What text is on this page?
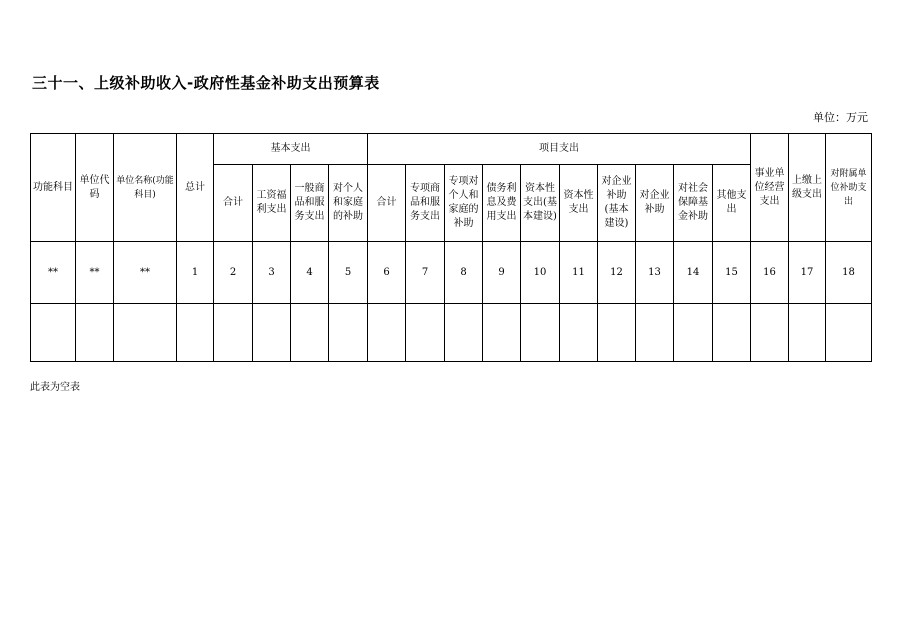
三十一、上级补助收入-政府性基金补助支出预算表
单位：万元
功能科目	单位代码	单位名称(功能科目)	总计	基本支出				项目支出										事业单位经营支出	上缴上级支出	对附属单位补助支出
				合计	工资福利支出	一般商品和服务支出	对个人和家庭的补助	合计	专项商品和服务支出	专项对个人和家庭的补助	债务利息及费用支出	资本性支出(基本建设)	资本性支出	对企业补助(基本建设)	对企业补助	对社会保障基金补助	其他支出			
**	**	**	1	2	3	4	5	6	7	8	9	10	11	12	13	14	15	16	17	18

此表为空表
